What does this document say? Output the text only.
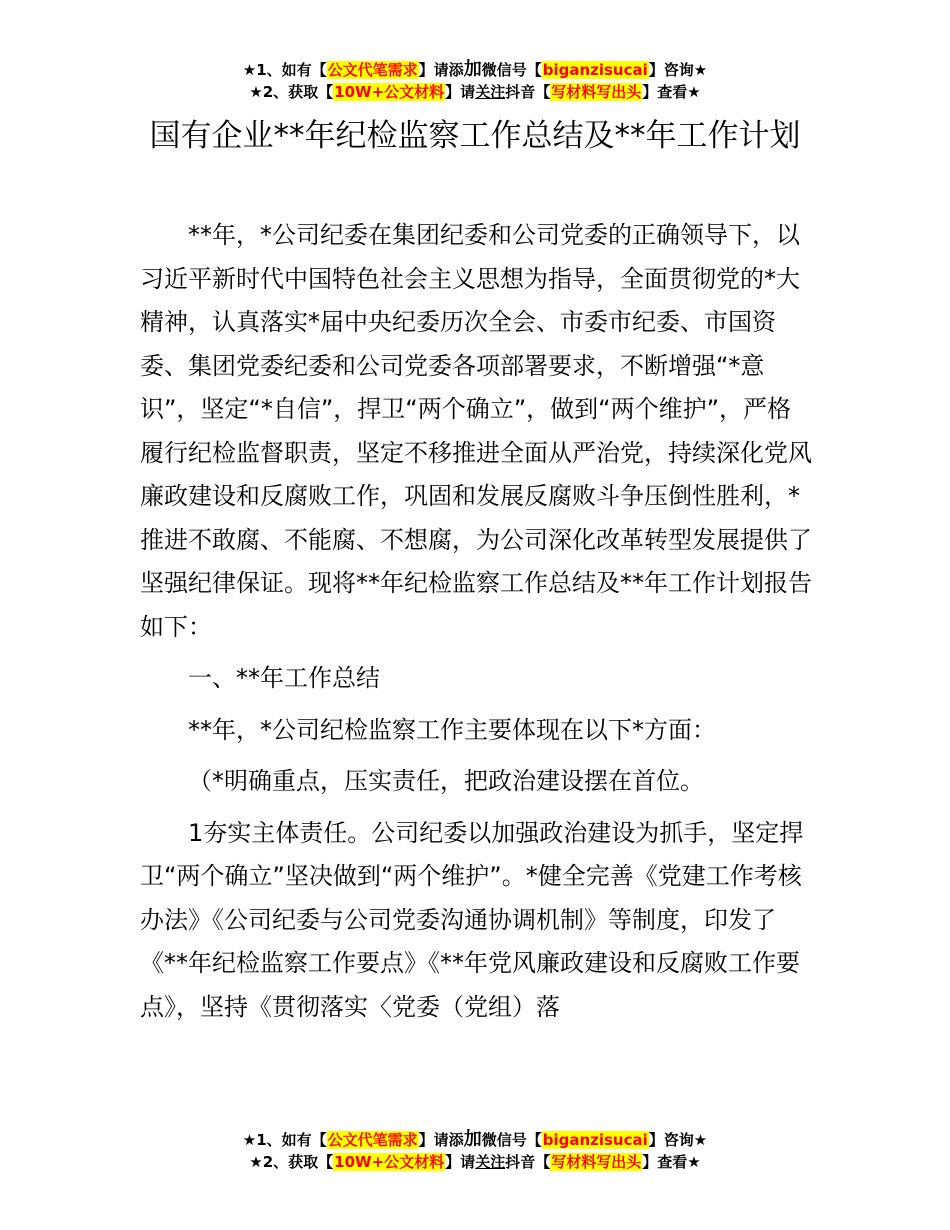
★1、如有【公文代笔需求】请添加微信号【biganzisucai】咨询★
★2、获取【10W+公文材料】请关注抖音【写材料写出头】查看★
国有企业**年纪检监察工作总结及**年工作计划

**年，*公司纪委在集团纪委和公司党委的正确领导下，以习近平新时代中国特色社会主义思想为指导，全面贯彻党的*大精神，认真落实*届中央纪委历次全会、市委市纪委、市国资委、集团党委纪委和公司党委各项部署要求，不断增强“*意识”，坚定“*自信”，捍卫“两个确立”，做到“两个维护”，严格履行纪检监督职责，坚定不移推进全面从严治党，持续深化党风廉政建设和反腐败工作，巩固和发展反腐败斗争压倒性胜利，*推进不敢腐、不能腐、不想腐，为公司深化改革转型发展提供了坚强纪律保证。现将**年纪检监察工作总结及**年工作计划报告如下：

一、**年工作总结

**年，*公司纪检监察工作主要体现在以下*方面：

（*明确重点，压实责任，把政治建设摆在首位。

1夯实主体责任。公司纪委以加强政治建设为抓手，坚定捍卫“两个确立”坚决做到“两个维护”。*健全完善《党建工作考核办法》《公司纪委与公司党委沟通协调机制》等制度，印发了《**年纪检监察工作要点》《**年党风廉政建设和反腐败工作要点》，坚持《贯彻落实〈党委（党组）落

★1、如有【公文代笔需求】请添加微信号【biganzisucai】咨询★
★2、获取【10W+公文材料】请关注抖音【写材料写出头】查看★
